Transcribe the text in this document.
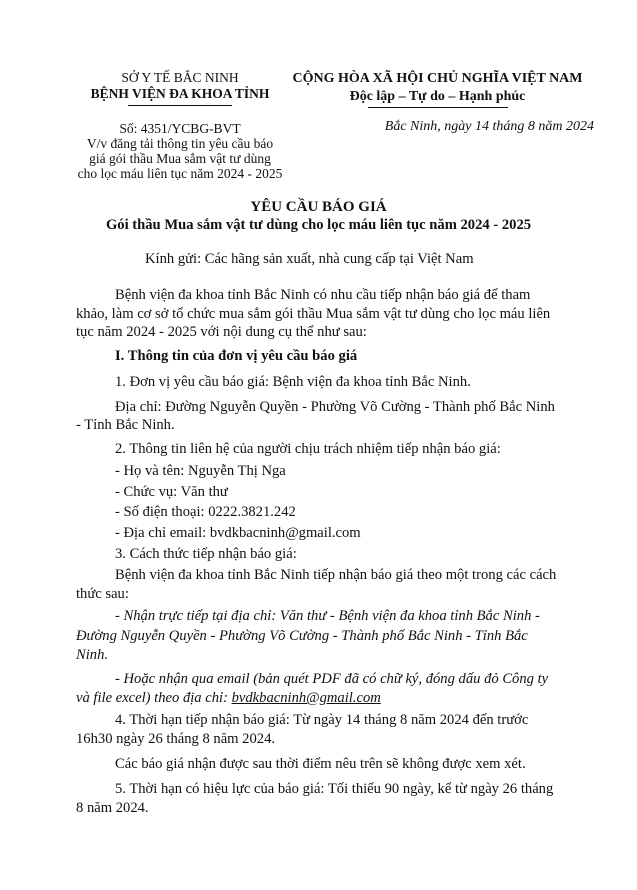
SỞ Y TẾ BẮC NINH
BỆNH VIỆN ĐA KHOA TỈNH
Số: 4351/YCBG-BVT
V/v đăng tải thông tin yêu cầu báo
giá gói thầu Mua sắm vật tư dùng
cho lọc máu liên tục năm 2024 - 2025
CỘNG HÒA XÃ HỘI CHỦ NGHĨA VIỆT NAM
Độc lập – Tự do – Hạnh phúc
Bắc Ninh, ngày 14 tháng 8 năm 2024
YÊU CẦU BÁO GIÁ
Gói thầu Mua sắm vật tư dùng cho lọc máu liên tục năm 2024 - 2025
Kính gửi: Các hãng sản xuất, nhà cung cấp tại Việt Nam
Bệnh viện đa khoa tỉnh Bắc Ninh có nhu cầu tiếp nhận báo giá để tham
khảo, làm cơ sở tổ chức mua sắm gói thầu Mua sắm vật tư dùng cho lọc máu liên
tục năm 2024 - 2025 với nội dung cụ thể như sau:
I. Thông tin của đơn vị yêu cầu báo giá
1. Đơn vị yêu cầu báo giá: Bệnh viện đa khoa tỉnh Bắc Ninh.
Địa chỉ: Đường Nguyễn Quyền - Phường Võ Cường - Thành phố Bắc Ninh
- Tỉnh Bắc Ninh.
2. Thông tin liên hệ của người chịu trách nhiệm tiếp nhận báo giá:
- Họ và tên: Nguyễn Thị Nga
- Chức vụ: Văn thư
- Số điện thoại: 0222.3821.242
- Địa chỉ email: bvdkbacninh@gmail.com
3. Cách thức tiếp nhận báo giá:
Bệnh viện đa khoa tỉnh Bắc Ninh tiếp nhận báo giá theo một trong các cách
thức sau:
- Nhận trực tiếp tại địa chỉ: Văn thư - Bệnh viện đa khoa tỉnh Bắc Ninh -
Đường Nguyễn Quyền - Phường Võ Cường - Thành phố Bắc Ninh - Tỉnh Bắc
Ninh.
- Hoặc nhận qua email (bản quét PDF đã có chữ ký, đóng dấu đỏ Công ty
và file excel) theo địa chỉ: bvdkbacninh@gmail.com
4. Thời hạn tiếp nhận báo giá: Từ ngày 14 tháng 8 năm 2024 đến trước
16h30 ngày 26 tháng 8 năm 2024.
Các báo giá nhận được sau thời điểm nêu trên sẽ không được xem xét.
5. Thời hạn có hiệu lực của báo giá: Tối thiểu 90 ngày, kể từ ngày 26 tháng
8 năm 2024.
